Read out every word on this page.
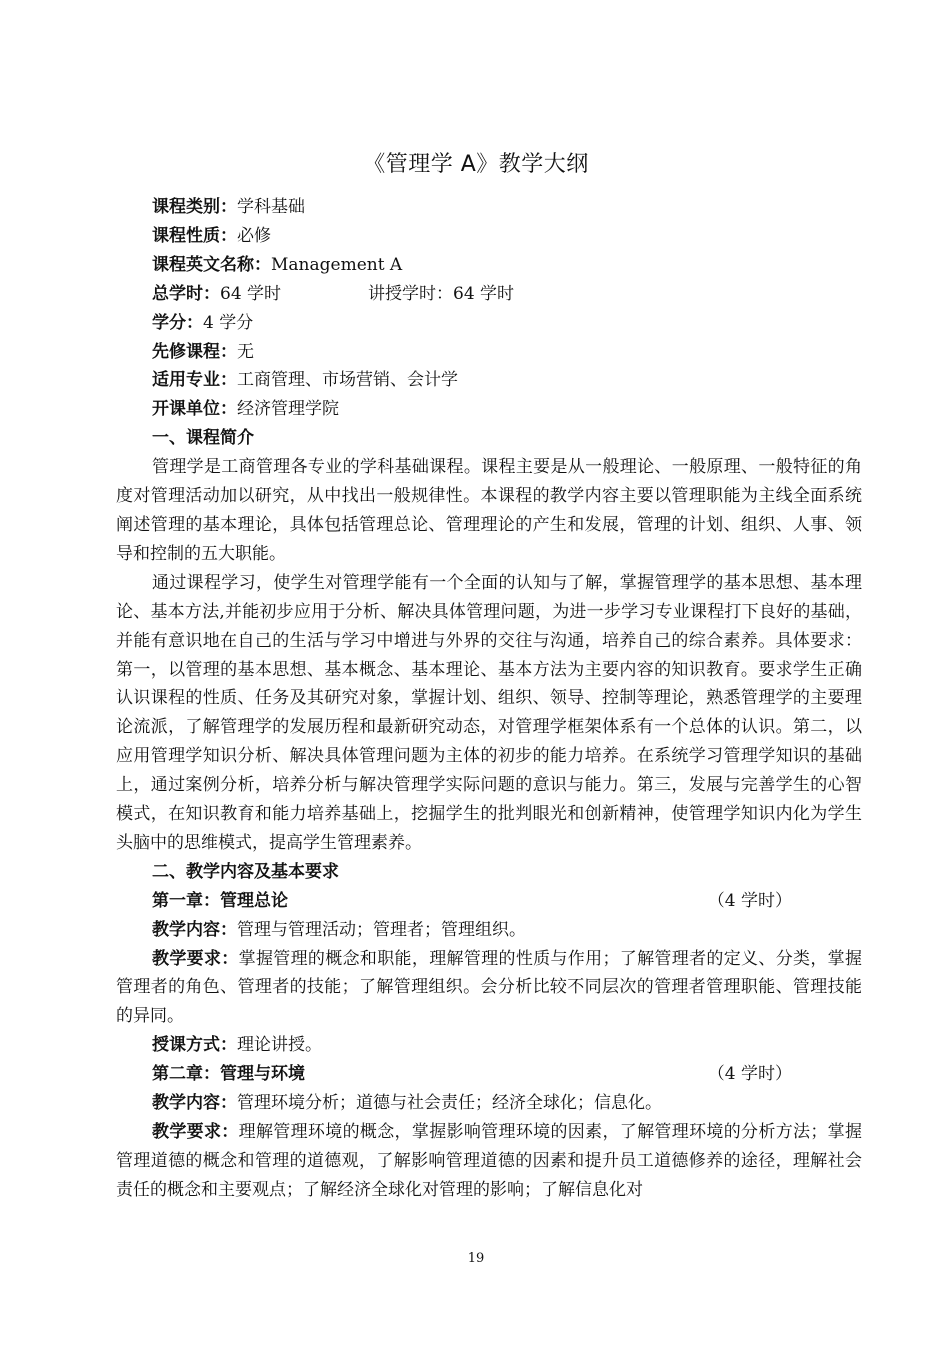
《管理学 A》教学大纲

课程类别：学科基础

课程性质：必修

课程英文名称：Management A

总学时：64 学时	讲授学时：64 学时

学分：4 学分

先修课程：无

适用专业：工商管理、市场营销、会计学

开课单位：经济管理学院

一、课程简介

管理学是工商管理各专业的学科基础课程。课程主要是从一般理论、一般原理、一般特征的角度对管理活动加以研究，从中找出一般规律性。本课程的教学内容主要以管理职能为主线全面系统阐述管理的基本理论，具体包括管理总论、管理理论的产生和发展，管理的计划、组织、人事、领导和控制的五大职能。

通过课程学习，使学生对管理学能有一个全面的认知与了解，掌握管理学的基本思想、基本理论、基本方法,并能初步应用于分析、解决具体管理问题，为进一步学习专业课程打下良好的基础，并能有意识地在自己的生活与学习中增进与外界的交往与沟通，培养自己的综合素养。具体要求：第一，以管理的基本思想、基本概念、基本理论、基本方法为主要内容的知识教育。要求学生正确认识课程的性质、任务及其研究对象，掌握计划、组织、领导、控制等理论，熟悉管理学的主要理论流派，了解管理学的发展历程和最新研究动态，对管理学框架体系有一个总体的认识。第二，以应用管理学知识分析、解决具体管理问题为主体的初步的能力培养。在系统学习管理学知识的基础上，通过案例分析，培养分析与解决管理学实际问题的意识与能力。第三，发展与完善学生的心智模式，在知识教育和能力培养基础上，挖掘学生的批判眼光和创新精神，使管理学知识内化为学生头脑中的思维模式，提高学生管理素养。

二、教学内容及基本要求

第一章：管理总论	（4 学时）

教学内容：管理与管理活动；管理者；管理组织。

教学要求：掌握管理的概念和职能，理解管理的性质与作用；了解管理者的定义、分类，掌握管理者的角色、管理者的技能；了解管理组织。会分析比较不同层次的管理者管理职能、管理技能的异同。

授课方式：理论讲授。

第二章：管理与环境	（4 学时）

教学内容：管理环境分析；道德与社会责任；经济全球化；信息化。

教学要求：理解管理环境的概念，掌握影响管理环境的因素，了解管理环境的分析方法；掌握管理道德的概念和管理的道德观，了解影响管理道德的因素和提升员工道德修养的途径，理解社会责任的概念和主要观点；了解经济全球化对管理的影响；了解信息化对

19
